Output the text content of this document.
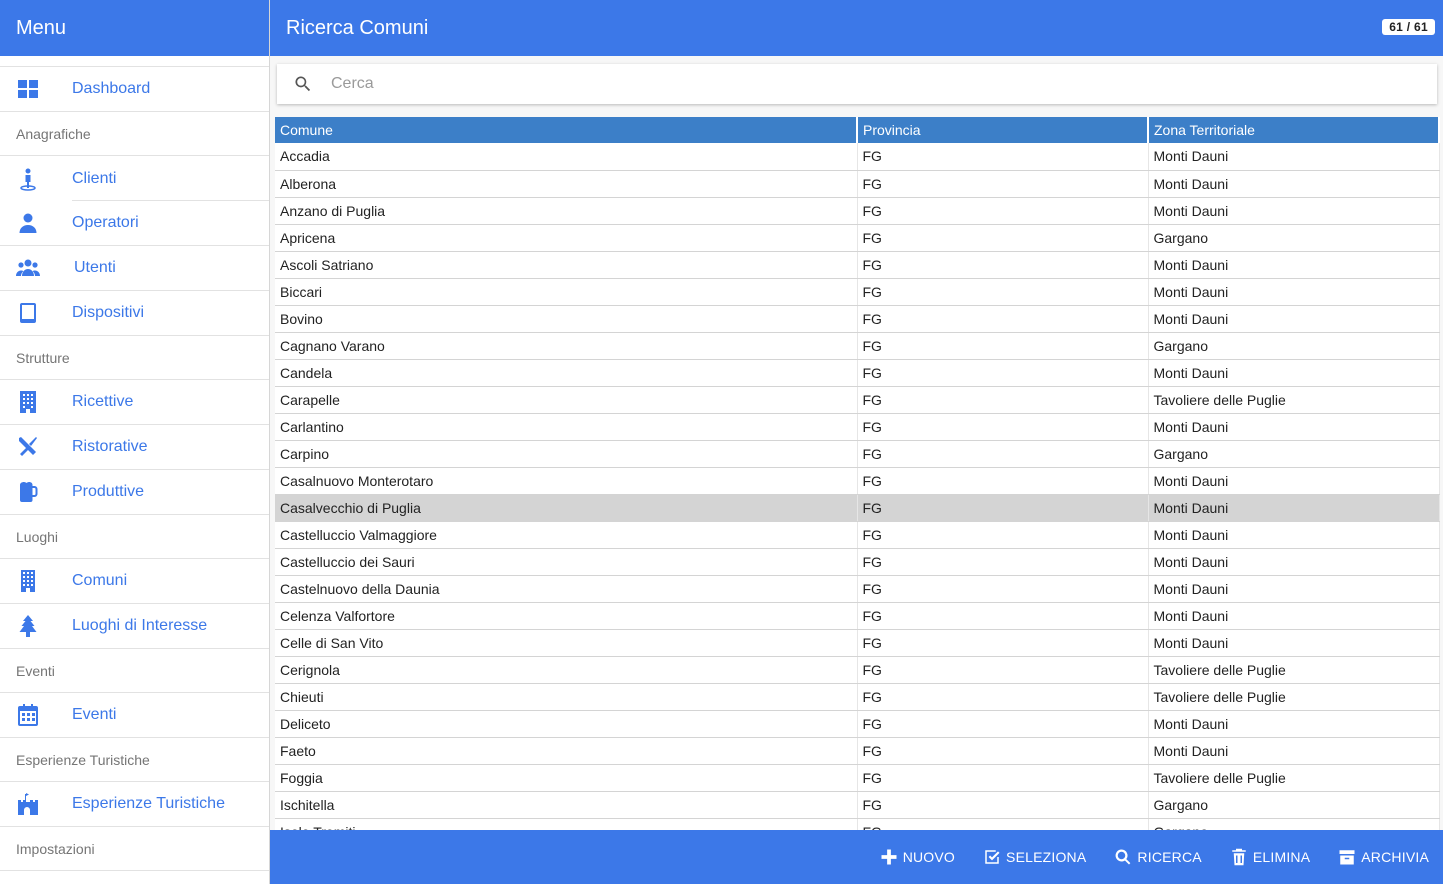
Menu
Dashboard
Anagrafiche
Clienti
Operatori
Utenti
Dispositivi
Strutture
Ricettive
Ristorative
Produttive
Luoghi
Comuni
Luoghi di Interesse
Eventi
Eventi
Esperienze Turistiche
Esperienze Turistiche
Impostazioni
Ricerca Comuni	61 / 61
Cerca
Comune	Provincia	Zona Territoriale
Accadia	FG	Monti Dauni
Alberona	FG	Monti Dauni
Anzano di Puglia	FG	Monti Dauni
Apricena	FG	Gargano
Ascoli Satriano	FG	Monti Dauni
Biccari	FG	Monti Dauni
Bovino	FG	Monti Dauni
Cagnano Varano	FG	Gargano
Candela	FG	Monti Dauni
Carapelle	FG	Tavoliere delle Puglie
Carlantino	FG	Monti Dauni
Carpino	FG	Gargano
Casalnuovo Monterotaro	FG	Monti Dauni
Casalvecchio di Puglia	FG	Monti Dauni
Castelluccio Valmaggiore	FG	Monti Dauni
Castelluccio dei Sauri	FG	Monti Dauni
Castelnuovo della Daunia	FG	Monti Dauni
Celenza Valfortore	FG	Monti Dauni
Celle di San Vito	FG	Monti Dauni
Cerignola	FG	Tavoliere delle Puglie
Chieuti	FG	Tavoliere delle Puglie
Deliceto	FG	Monti Dauni
Faeto	FG	Monti Dauni
Foggia	FG	Tavoliere delle Puglie
Ischitella	FG	Gargano

NUOVO	SELEZIONA	RICERCA	ELIMINA	ARCHIVIA
